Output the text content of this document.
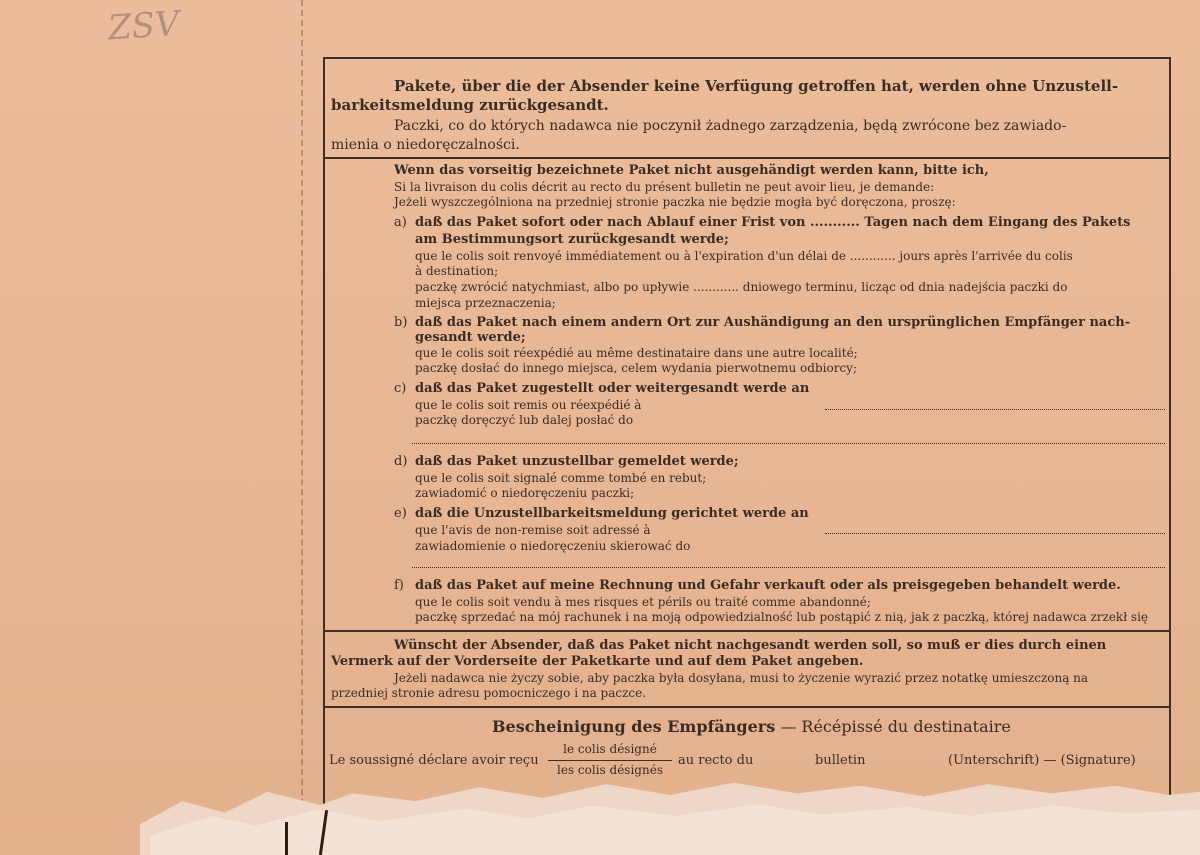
ZSV
Pakete, über die der Absender keine Verfügung getroffen hat, werden ohne Unzustell-
barkeitsmeldung zurückgesandt.
Paczki, co do których nadawca nie poczynił żadnego zarządzenia, będą zwrócone bez zawiado-
mienia o niedoręczalności.
Wenn das vorseitig bezeichnete Paket nicht ausgehändigt werden kann, bitte ich,
Si la livraison du colis décrit au recto du présent bulletin ne peut avoir lieu, je demande:
Jeżeli wyszczególniona na przedniej stronie paczka nie będzie mogła być doręczona, proszę:
a) daß das Paket sofort oder nach Ablauf einer Frist von ........... Tagen nach dem Eingang des Pakets
am Bestimmungsort zurückgesandt werde;
que le colis soit renvoyé immédiatement ou à l'expiration d'un délai de ............ jours après l'arrivée du colis
à destination;
paczkę zwrócić natychmiast, albo po upływie ............ dniowego terminu, licząc od dnia nadejścia paczki do
miejsca przeznaczenia;
b) daß das Paket nach einem andern Ort zur Aushändigung an den ursprünglichen Empfänger nach-
gesandt werde;
que le colis soit réexpédié au même destinataire dans une autre localité;
paczkę dosłać do innego miejsca, celem wydania pierwotnemu odbiorcy;
c) daß das Paket zugestellt oder weitergesandt werde an
que le colis soit remis ou réexpédié à
paczkę doręczyć lub dalej posłać do
d) daß das Paket unzustellbar gemeldet werde;
que le colis soit signalé comme tombé en rebut;
zawiadomić o niedoręczeniu paczki;
e) daß die Unzustellbarkeitsmeldung gerichtet werde an
que l'avis de non-remise soit adressé à
zawiadomienie o niedoręczeniu skierować do
f) daß das Paket auf meine Rechnung und Gefahr verkauft oder als preisgegeben behandelt werde.
que le colis soit vendu à mes risques et périls ou traité comme abandonné;
paczkę sprzedać na mój rachunek i na moją odpowiedzialność lub postąpić z nią, jak z paczką, której nadawca zrzekł się
Wünscht der Absender, daß das Paket nicht nachgesandt werden soll, so muß er dies durch einen
Vermerk auf der Vorderseite der Paketkarte und auf dem Paket angeben.
Jeżeli nadawca nie życzy sobie, aby paczka była dosyłana, musi to życzenie wyrazić przez notatkę umieszczoną na
przedniej stronie adresu pomocniczego i na paczce.
Bescheinigung des Empfängers — Récépissé du destinataire
Le soussigné déclare avoir reçu
le colis désigné
les colis désignés
au recto du	bulletin	(Unterschrift) — (Signature)
